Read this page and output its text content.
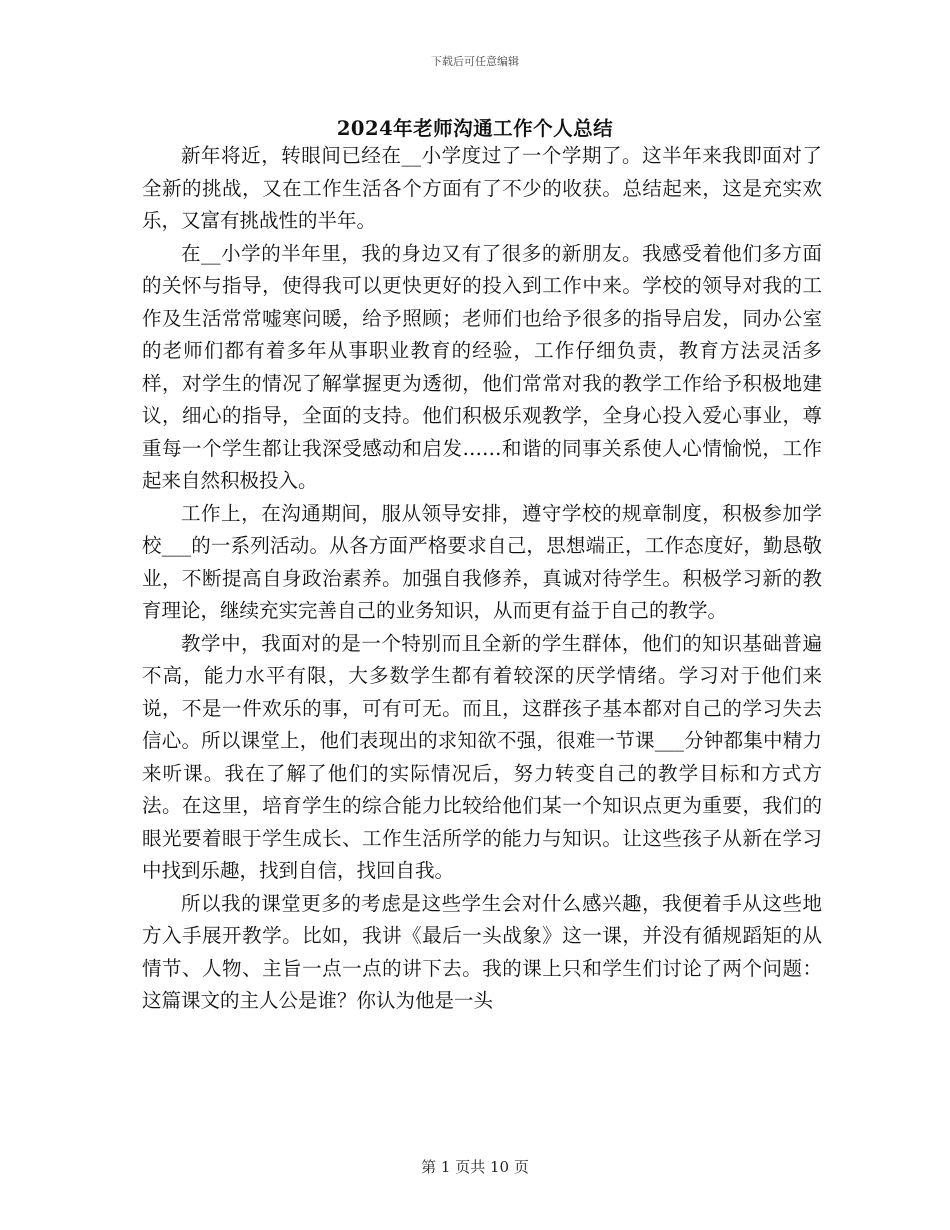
下载后可任意编辑
2024年老师沟通工作个人总结

新年将近，转眼间已经在__小学度过了一个学期了。这半年来我即面对了全新的挑战，又在工作生活各个方面有了不少的收获。总结起来，这是充实欢乐，又富有挑战性的半年。

在__小学的半年里，我的身边又有了很多的新朋友。我感受着他们多方面的关怀与指导，使得我可以更快更好的投入到工作中来。学校的领导对我的工作及生活常常嘘寒问暖，给予照顾；老师们也给予很多的指导启发，同办公室的老师们都有着多年从事职业教育的经验，工作仔细负责，教育方法灵活多样，对学生的情况了解掌握更为透彻，他们常常对我的教学工作给予积极地建议，细心的指导，全面的支持。他们积极乐观教学，全身心投入爱心事业，尊重每一个学生都让我深受感动和启发……和谐的同事关系使人心情愉悦，工作起来自然积极投入。

工作上，在沟通期间，服从领导安排，遵守学校的规章制度，积极参加学校___的一系列活动。从各方面严格要求自己，思想端正，工作态度好，勤恳敬业，不断提高自身政治素养。加强自我修养，真诚对待学生。积极学习新的教育理论，继续充实完善自己的业务知识，从而更有益于自己的教学。

教学中，我面对的是一个特别而且全新的学生群体，他们的知识基础普遍不高，能力水平有限，大多数学生都有着较深的厌学情绪。学习对于他们来说，不是一件欢乐的事，可有可无。而且，这群孩子基本都对自己的学习失去信心。所以课堂上，他们表现出的求知欲不强，很难一节课___分钟都集中精力来听课。我在了解了他们的实际情况后，努力转变自己的教学目标和方式方法。在这里，培育学生的综合能力比较给他们某一个知识点更为重要，我们的眼光要着眼于学生成长、工作生活所学的能力与知识。让这些孩子从新在学习中找到乐趣，找到自信，找回自我。

所以我的课堂更多的考虑是这些学生会对什么感兴趣，我便着手从这些地方入手展开教学。比如，我讲《最后一头战象》这一课，并没有循规蹈矩的从情节、人物、主旨一点一点的讲下去。我的课上只和学生们讨论了两个问题：这篇课文的主人公是谁？你认为他是一头

第 1 页共 10 页
